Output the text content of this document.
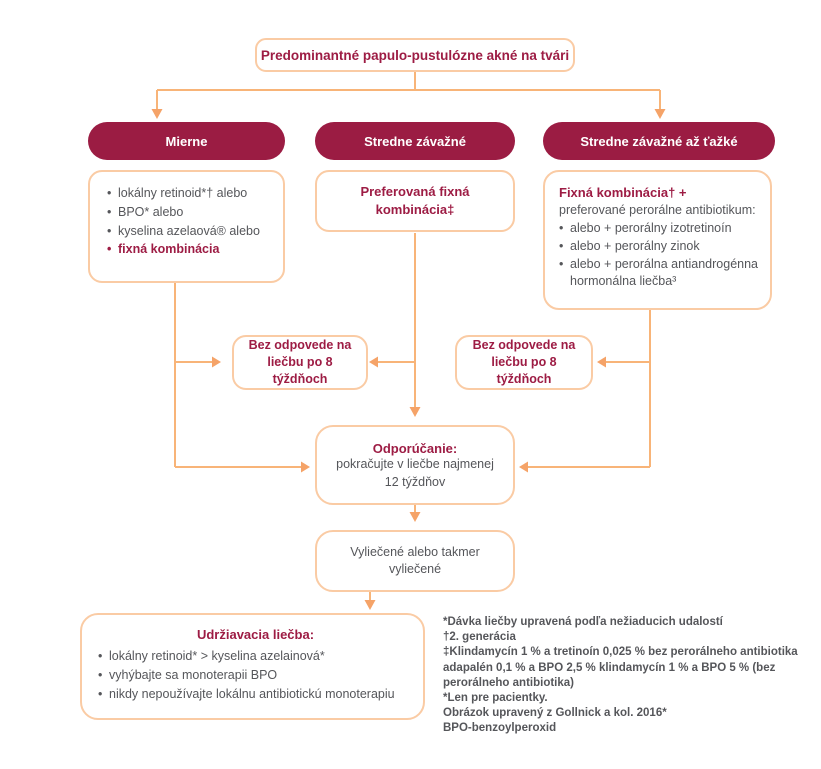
Predominantné papulo-pustulózne akné na tvári
Mierne	Stredne závažné	Stredne závažné až ťažké
• lokálny retinoid*† alebo
• BPO* alebo
• kyselina azelaová® alebo
• fixná kombinácia
Preferovaná fixná kombinácia‡
Fixná kombinácia† +
preferované perorálne antibiotikum:
• alebo + perorálny izotretinoín
• alebo + perorálny zinok
• alebo + perorálna antiandrogénna hormonálna liečba³
Bez odpovede na liečbu po 8 týždňoch
Bez odpovede na liečbu po 8 týždňoch
Odporúčanie:
pokračujte v liečbe najmenej 12 týždňov
Vyliečené alebo takmer vyliečené
Udržiavacia liečba:
• lokálny retinoid* > kyselina azelainová*
• vyhýbajte sa monoterapii BPO
• nikdy nepoužívajte lokálnu antibiotickú monoterapiu

*Dávka liečby upravená podľa nežiaducich udalostí

†2. generácia

‡Klindamycín 1 % a tretinoín 0,025 % bez perorálneho antibiotika adapalén 0,1 % a BPO 2,5 % klindamycín 1 % a BPO 5 % (bez perorálneho antibiotika)

*Len pre pacientky.

Obrázok upravený z Gollnick a kol. 2016*

BPO-benzoylperoxid
